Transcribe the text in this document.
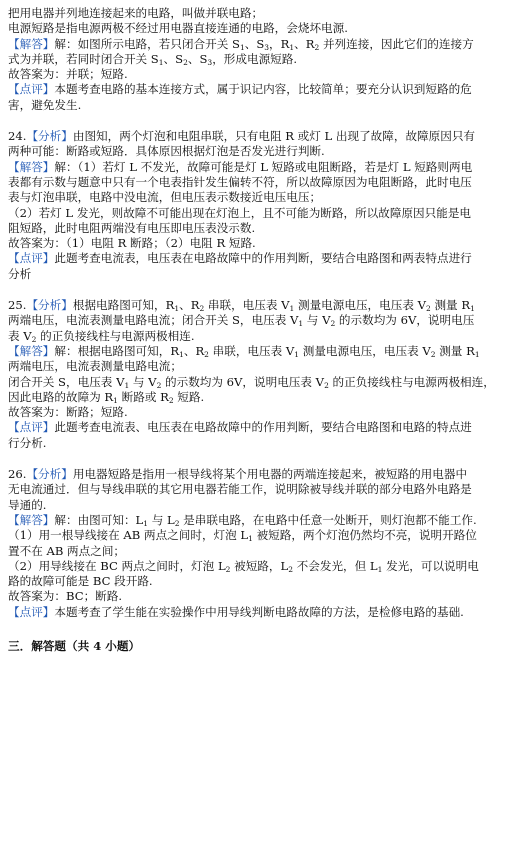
把用电器并列地连接起来的电路，叫做并联电路；
电源短路是指电源两极不经过用电器直接连通的电路，会烧坏电源.
【解答】解：如图所示电路，若只闭合开关 $S_1$、$S_3$，$R_1$、$R_2$ 并列连接，因此它们的连接方
式为并联，若同时闭合开关 $S_1$、$S_2$、$S_3$，形成电源短路.
故答案为：并联；短路.
【点评】本题考查电路的基本连接方式，属于识记内容，比较简单；要充分认识到短路的危
害，避免发生.
24.【分析】由图知，两个灯泡和电阻串联，只有电阻 R 或灯 L 出现了故障，故障原因只有
两种可能：断路或短路．具体原因根据灯泡是否发光进行判断.
【解答】解：（1）若灯 L 不发光，故障可能是灯 L 短路或电阻断路，若是灯 L 短路则两电
表都有示数与题意中只有一个电表指针发生偏转不符，所以故障原因为电阻断路，此时电压
表与灯泡串联，电路中没电流，但电压表示数接近电压电压；
（2）若灯 L 发光，则故障不可能出现在灯泡上，且不可能为断路，所以故障原因只能是电
阻短路，此时电阻两端没有电压即电压表没示数.
故答案为：（1）电阻 R 断路；（2）电阻 R 短路.
【点评】此题考查电流表，电压表在电路故障中的作用判断，要结合电路图和两表特点进行
分析
25.【分析】根据电路图可知，$R_1$、$R_2$ 串联，电压表 $V_1$ 测量电源电压，电压表 $V_2$ 测量 $R_1$
两端电压，电流表测量电路电流；闭合开关 S，电压表 $V_1$ 与 $V_2$ 的示数均为 6V，说明电压
表 $V_2$ 的正负接线柱与电源两极相连.
【解答】解：根据电路图可知，$R_1$、$R_2$ 串联，电压表 $V_1$ 测量电源电压，电压表 $V_2$ 测量 $R_1$
两端电压，电流表测量电路电流；
闭合开关 S，电压表 $V_1$ 与 $V_2$ 的示数均为 6V，说明电压表 $V_2$ 的正负接线柱与电源两极相连，
因此电路的故障为 $R_1$ 断路或 $R_2$ 短路.
故答案为：断路；短路.
【点评】此题考查电流表、电压表在电路故障中的作用判断，要结合电路图和电路的特点进
行分析.
26.【分析】用电器短路是指用一根导线将某个用电器的两端连接起来，被短路的用电器中
无电流通过．但与导线串联的其它用电器若能工作，说明除被导线并联的部分电路外电路是
导通的.
【解答】解：由图可知：$L_1$ 与 $L_2$ 是串联电路，在电路中任意一处断开，则灯泡都不能工作.
（1）用一根导线接在 AB 两点之间时，灯泡 $L_1$ 被短路，两个灯泡仍然均不亮，说明开路位
置不在 AB 两点之间；
（2）用导线接在 BC 两点之间时，灯泡 $L_2$ 被短路，$L_2$ 不会发光，但 $L_1$ 发光，可以说明电
路的故障可能是 BC 段开路.
故答案为：BC；断路.
【点评】本题考查了学生能在实验操作中用导线判断电路故障的方法，是检修电路的基础.
三．解答题（共 4 小题）
